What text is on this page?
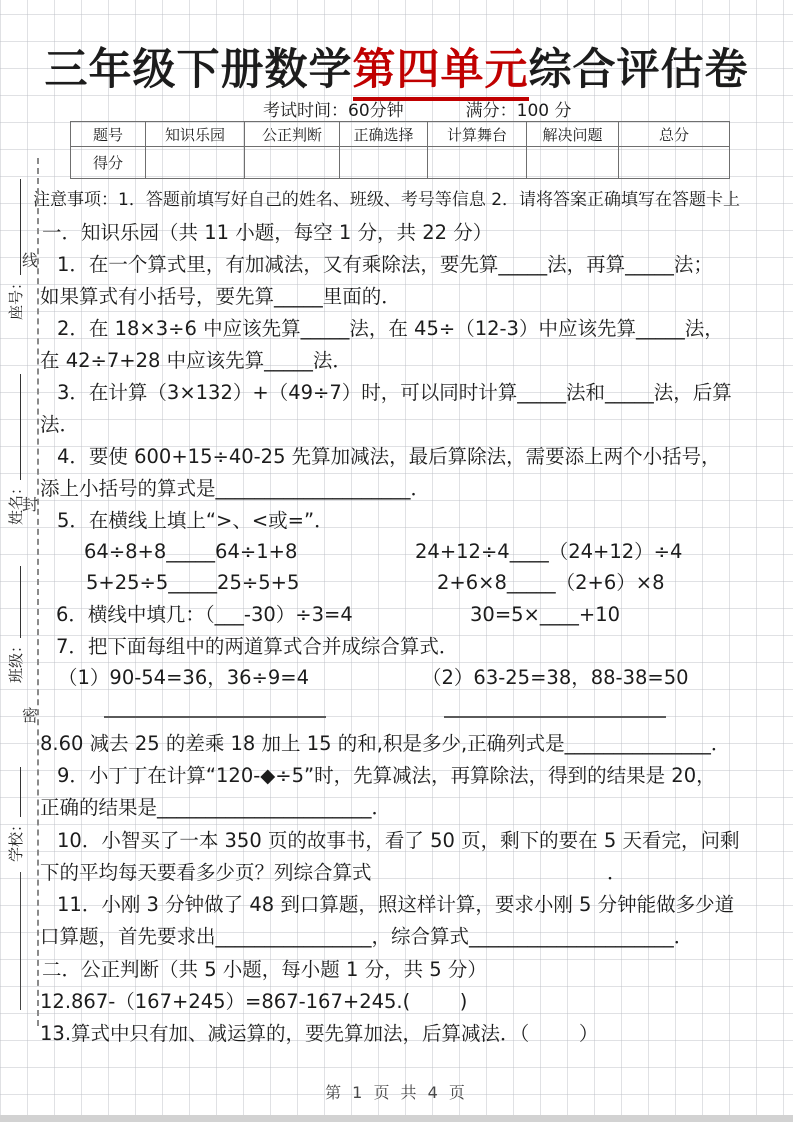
三年级下册数学第四单元综合评估卷
考试时间：60分钟	满分：100 分
题号	知识乐园	公正判断	正确选择	计算舞台	解决问题	总分
得分						
注意事项：1．答题前填写好自己的姓名、班级、考号等信息 2．请将答案正确填写在答题卡上
一．知识乐园（共 11 小题，每空 1 分，共 22 分）
1．在一个算式里，有加减法，又有乘除法，要先算_____法，再算_____法；
如果算式有小括号，要先算_____里面的．
2．在 18×3÷6 中应该先算_____法，在 45÷（12-3）中应该先算_____法，
在 42÷7+28 中应该先算_____法．
3．在计算（3×132）+（49÷7）时，可以同时计算_____法和_____法，后算
法．
4．要使 600+15÷40-25 先算加减法，最后算除法，需要添上两个小括号，
添上小括号的算式是____________________．
5．在横线上填上“>、<或=”．
64÷8+8_____64÷1+8	24+12÷4____（24+12）÷4
5+25÷5_____25÷5+5	2+6×8_____（2+6）×8
6．横线中填几：（___-30）÷3=4	30=5×____+10
7．把下面每组中的两道算式合并成综合算式．
（1）90-54=36，36÷9=4	（2）63-25=38，88-38=50
8.60 减去 25 的差乘 18 加上 15 的和,积是多少,正确列式是_______________．
9．小丁丁在计算“120-◆÷5”时，先算减法，再算除法，得到的结果是 20，
正确的结果是______________________．
10．小智买了一本 350 页的故事书，看了 50 页，剩下的要在 5 天看完，问剩
下的平均每天要看多少页？列综合算式	．
11．小刚 3 分钟做了 48 到口算题，照这样计算，要求小刚 5 分钟能做多少道
口算题，首先要求出________________，综合算式_____________________．
二．公正判断（共 5 小题，每小题 1 分，共 5 分）
12.867-（167+245）=867-167+245.(        )
13.算式中只有加、减运算的，要先算加法，后算减法．（        ）
线
封
密
座号：
姓名：
班级：
学校：
第 1 页 共 4 页
